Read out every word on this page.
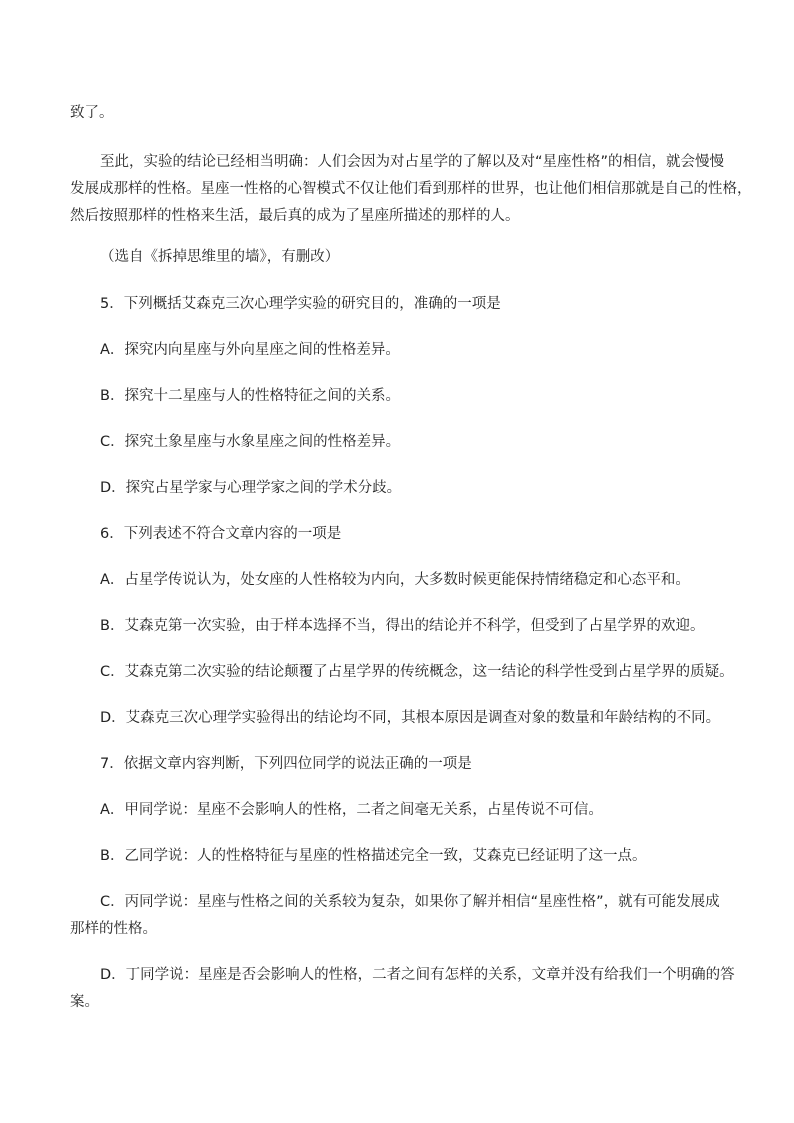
致了。

至此，实验的结论已经相当明确：人们会因为对占星学的了解以及对“星座性格”的相信，就会慢慢
发展成那样的性格。星座一性格的心智模式不仅让他们看到那样的世界，也让他们相信那就是自己的性格，
然后按照那样的性格来生活，最后真的成为了星座所描述的那样的人。

（选自《拆掉思维里的墙》，有删改）

5．下列概括艾森克三次心理学实验的研究目的，准确的一项是

A．探究内向星座与外向星座之间的性格差异。

B．探究十二星座与人的性格特征之间的关系。

C．探究土象星座与水象星座之间的性格差异。

D．探究占星学家与心理学家之间的学术分歧。

6．下列表述不符合文章内容的一项是

A．占星学传说认为，处女座的人性格较为内向，大多数时候更能保持情绪稳定和心态平和。

B．艾森克第一次实验，由于样本选择不当，得出的结论并不科学，但受到了占星学界的欢迎。

C．艾森克第二次实验的结论颠覆了占星学界的传统概念，这一结论的科学性受到占星学界的质疑。

D．艾森克三次心理学实验得出的结论均不同，其根本原因是调查对象的数量和年龄结构的不同。

7．依据文章内容判断，下列四位同学的说法正确的一项是

A．甲同学说：星座不会影响人的性格，二者之间毫无关系，占星传说不可信。

B．乙同学说：人的性格特征与星座的性格描述完全一致，艾森克已经证明了这一点。

C．丙同学说：星座与性格之间的关系较为复杂，如果你了解并相信“星座性格”，就有可能发展成
那样的性格。

D．丁同学说：星座是否会影响人的性格，二者之间有怎样的关系，文章并没有给我们一个明确的答
案。
